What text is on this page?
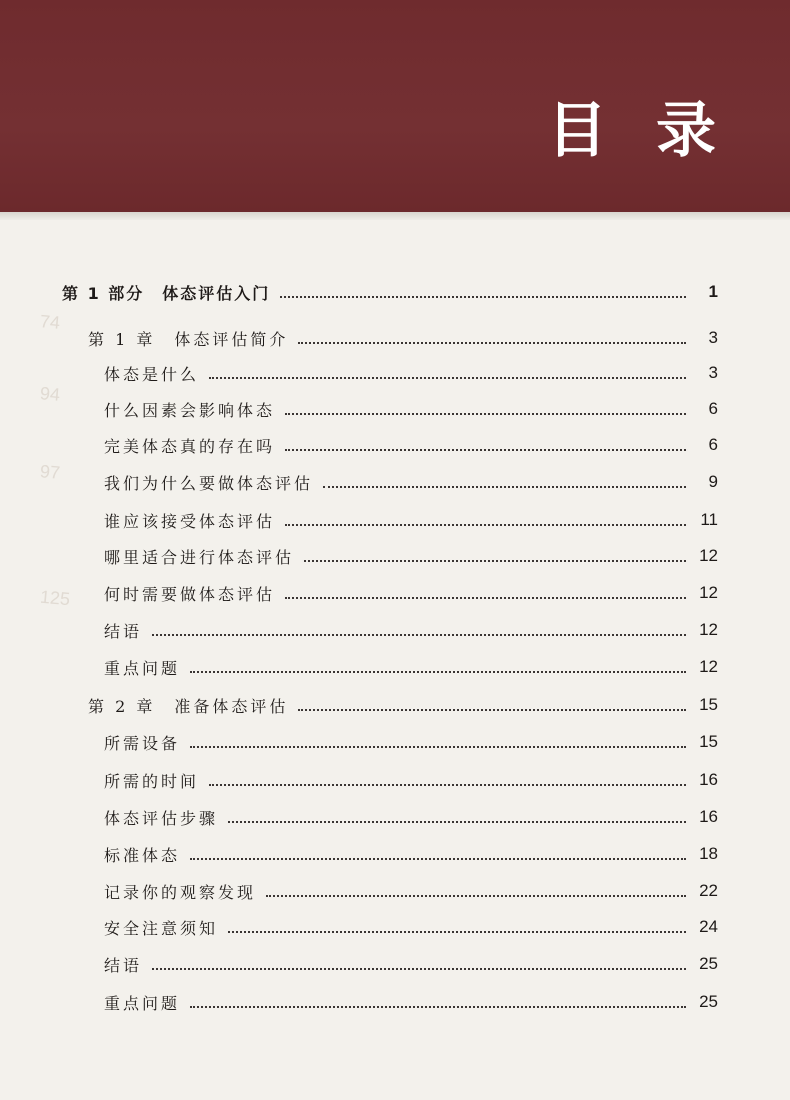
目 录
74
94
97
125
第 1 部分　体态评估入门	1
第 1 章　体态评估简介	3
体态是什么	3
什么因素会影响体态	6
完美体态真的存在吗	6
我们为什么要做体态评估	9
谁应该接受体态评估	11
哪里适合进行体态评估	12
何时需要做体态评估	12
结语	12
重点问题	12
第 2 章　准备体态评估	15
所需设备	15
所需的时间	16
体态评估步骤	16
标准体态	18
记录你的观察发现	22
安全注意须知	24
结语	25
重点问题	25
